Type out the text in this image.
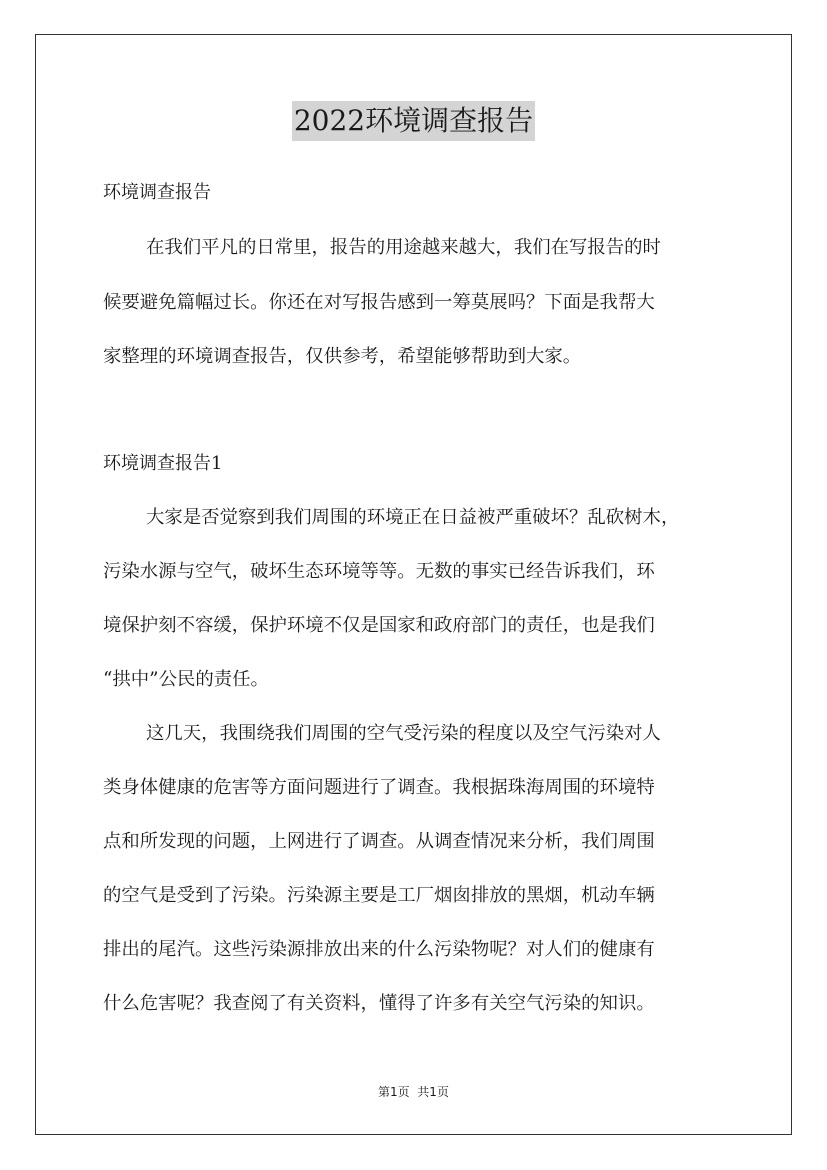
2022环境调查报告
环境调查报告
在我们平凡的日常里，报告的用途越来越大，我们在写报告的时
候要避免篇幅过长。你还在对写报告感到一筹莫展吗？下面是我帮大
家整理的环境调查报告，仅供参考，希望能够帮助到大家。
环境调查报告1
大家是否觉察到我们周围的环境正在日益被严重破坏？乱砍树木，
污染水源与空气，破坏生态环境等等。无数的事实已经告诉我们，环
境保护刻不容缓，保护环境不仅是国家和政府部门的责任，也是我们
“拱中”公民的责任。
这几天，我围绕我们周围的空气受污染的程度以及空气污染对人
类身体健康的危害等方面问题进行了调查。我根据珠海周围的环境特
点和所发现的问题，上网进行了调查。从调查情况来分析，我们周围
的空气是受到了污染。污染源主要是工厂烟囱排放的黑烟，机动车辆
排出的尾汽。这些污染源排放出来的什么污染物呢？对人们的健康有
什么危害呢？我查阅了有关资料，懂得了许多有关空气污染的知识。
第1页  共1页
